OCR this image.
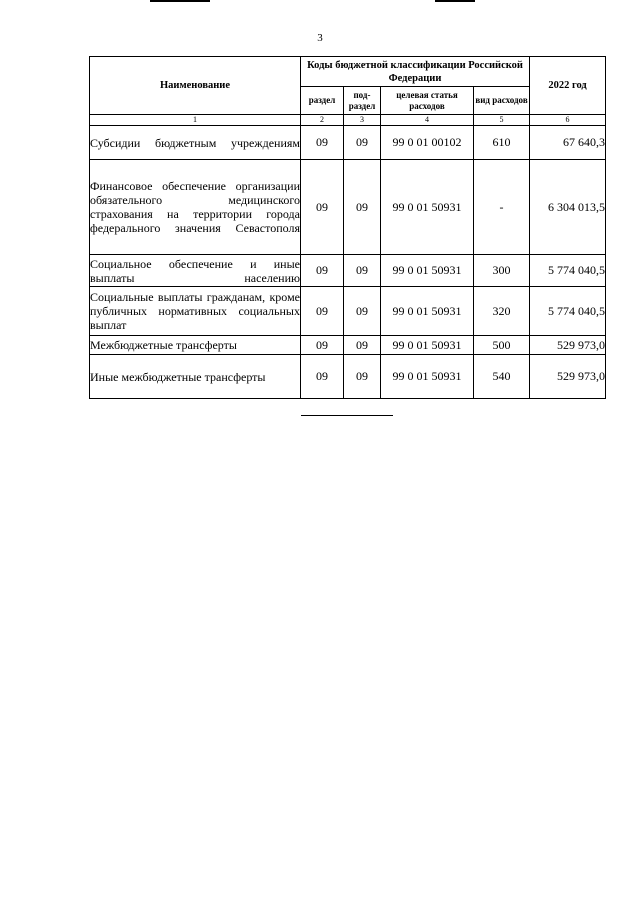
3
Наименование	Коды бюджетной классификации Российской Федерации				2022 год
	раздел	под-раздел	целевая статья расходов	вид расходов	
1	2	3	4	5	6
Субсидии бюджетным учреждениям	09	09	99 0 01 00102	610	67 640,3
Финансовое обеспечение организации обязательного медицинского страхования на территории города федерального значения Севастополя	09	09	99 0 01 50931	-	6 304 013,5
Социальное обеспечение и иные выплаты населению	09	09	99 0 01 50931	300	5 774 040,5
Социальные выплаты гражданам, кроме публичных нормативных социальных выплат	09	09	99 0 01 50931	320	5 774 040,5
Межбюджетные трансферты	09	09	99 0 01 50931	500	529 973,0
Иные межбюджетные трансферты	09	09	99 0 01 50931	540	529 973,0
